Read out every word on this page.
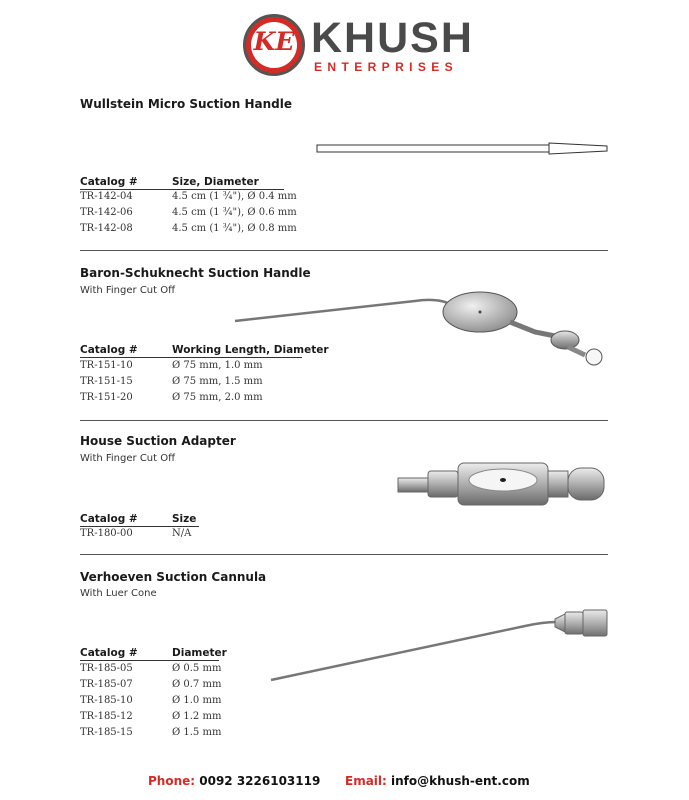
KE KHUSH
ENTERPRISES
Wullstein Micro Suction Handle
Catalog #	Size, Diameter
TR-142-04	4.5 cm (1 ¾"), Ø 0.4 mm
TR-142-06	4.5 cm (1 ¾"), Ø 0.6 mm
TR-142-08	4.5 cm (1 ¾"), Ø 0.8 mm
Baron-Schuknecht Suction Handle
With Finger Cut Off
Catalog #	Working Length, Diameter
TR-151-10	Ø 75 mm, 1.0 mm
TR-151-15	Ø 75 mm, 1.5 mm
TR-151-20	Ø 75 mm, 2.0 mm
House Suction Adapter
With Finger Cut Off
Catalog #	Size
TR-180-00	N/A
Verhoeven Suction Cannula
With Luer Cone
Catalog #	Diameter
TR-185-05	Ø 0.5 mm
TR-185-07	Ø 0.7 mm
TR-185-10	Ø 1.0 mm
TR-185-12	Ø 1.2 mm
TR-185-15	Ø 1.5 mm
Phone: 0092 3226103119 Email: info@khush-ent.com
